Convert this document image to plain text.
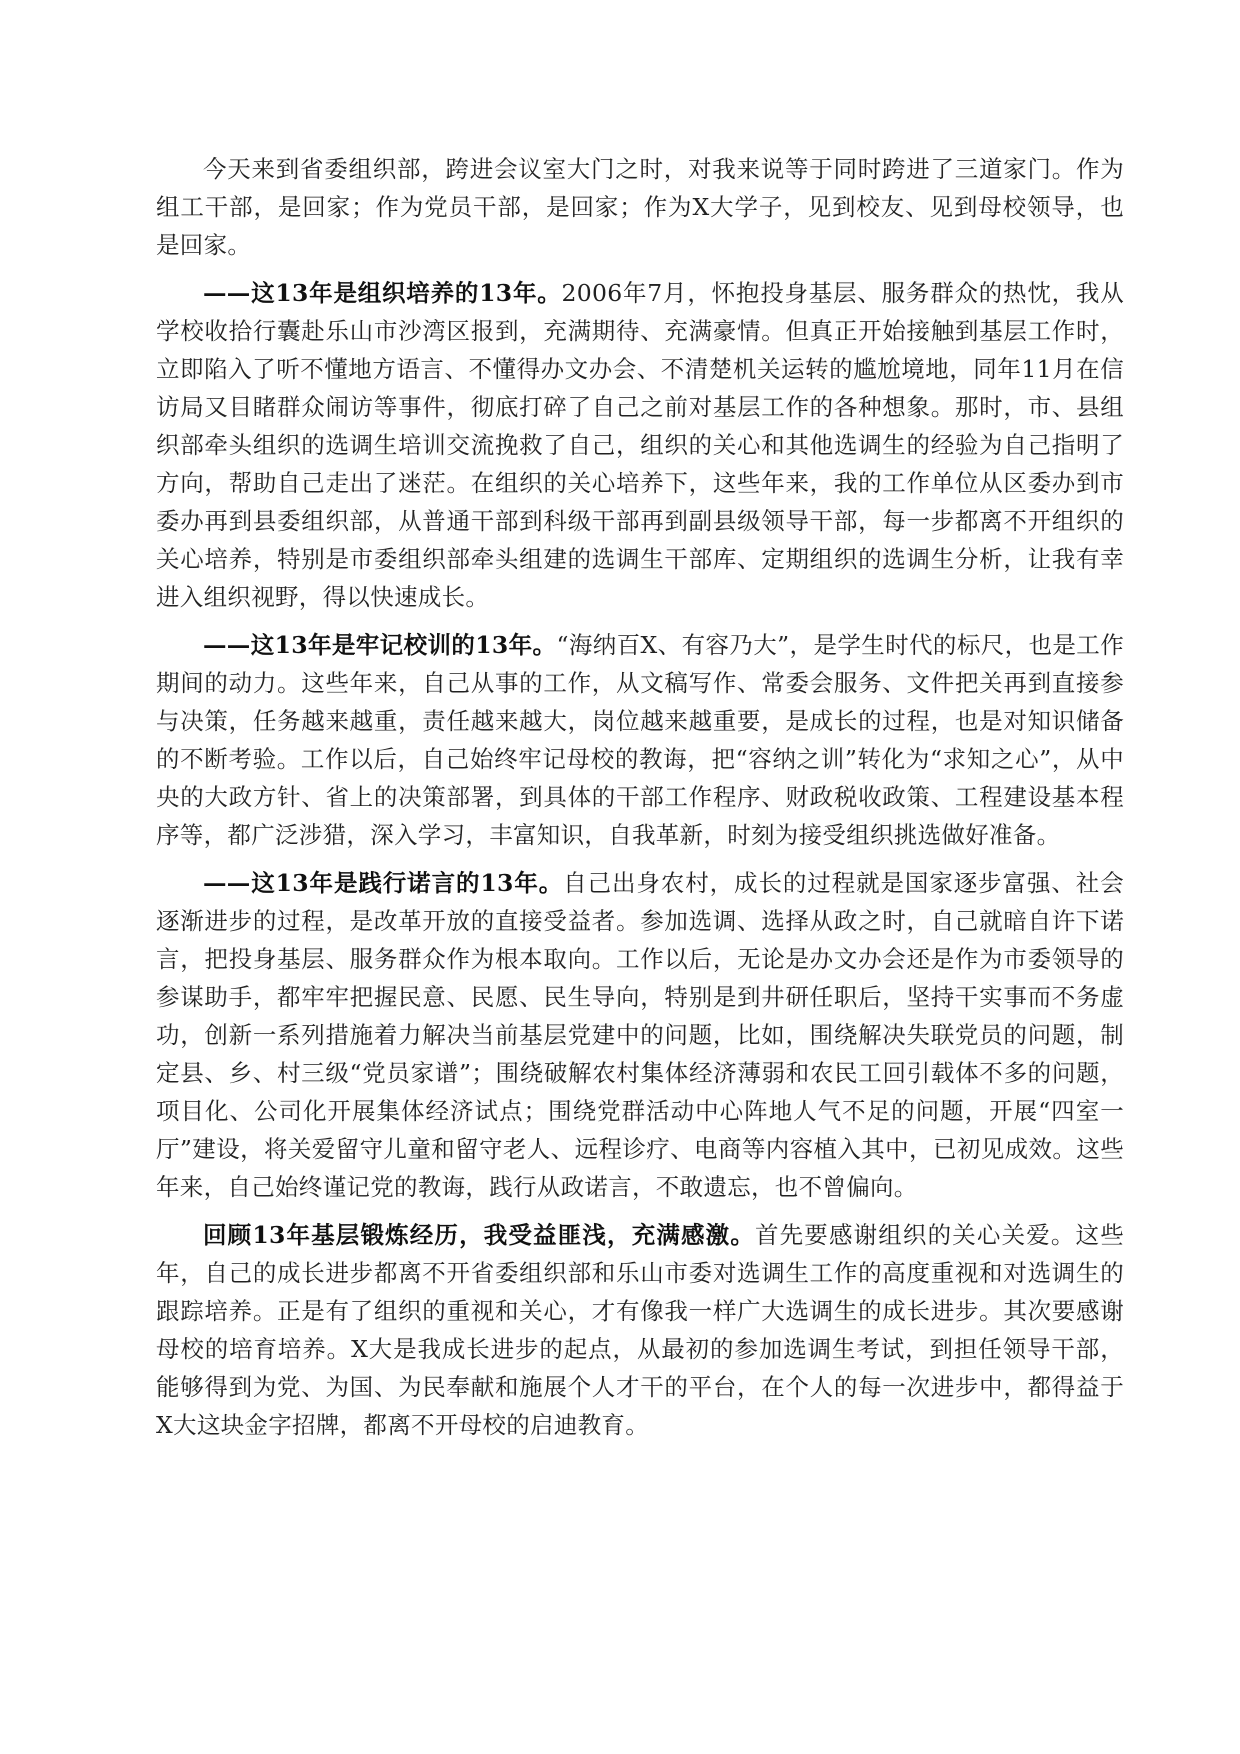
今天来到省委组织部，跨进会议室大门之时，对我来说等于同时跨进了三道家门。作为组工干部，是回家；作为党员干部，是回家；作为X大学子，见到校友、见到母校领导，也是回家。

——这13年是组织培养的13年。2006年7月，怀抱投身基层、服务群众的热忱，我从学校收拾行囊赴乐山市沙湾区报到，充满期待、充满豪情。但真正开始接触到基层工作时，立即陷入了听不懂地方语言、不懂得办文办会、不清楚机关运转的尴尬境地，同年11月在信访局又目睹群众闹访等事件，彻底打碎了自己之前对基层工作的各种想象。那时，市、县组织部牵头组织的选调生培训交流挽救了自己，组织的关心和其他选调生的经验为自己指明了方向，帮助自己走出了迷茫。在组织的关心培养下，这些年来，我的工作单位从区委办到市委办再到县委组织部，从普通干部到科级干部再到副县级领导干部，每一步都离不开组织的关心培养，特别是市委组织部牵头组建的选调生干部库、定期组织的选调生分析，让我有幸进入组织视野，得以快速成长。

——这13年是牢记校训的13年。“海纳百X、有容乃大”，是学生时代的标尺，也是工作期间的动力。这些年来，自己从事的工作，从文稿写作、常委会服务、文件把关再到直接参与决策，任务越来越重，责任越来越大，岗位越来越重要，是成长的过程，也是对知识储备的不断考验。工作以后，自己始终牢记母校的教诲，把“容纳之训”转化为“求知之心”，从中央的大政方针、省上的决策部署，到具体的干部工作程序、财政税收政策、工程建设基本程序等，都广泛涉猎，深入学习，丰富知识，自我革新，时刻为接受组织挑选做好准备。

——这13年是践行诺言的13年。自己出身农村，成长的过程就是国家逐步富强、社会逐渐进步的过程，是改革开放的直接受益者。参加选调、选择从政之时，自己就暗自许下诺言，把投身基层、服务群众作为根本取向。工作以后，无论是办文办会还是作为市委领导的参谋助手，都牢牢把握民意、民愿、民生导向，特别是到井研任职后，坚持干实事而不务虚功，创新一系列措施着力解决当前基层党建中的问题，比如，围绕解决失联党员的问题，制定县、乡、村三级“党员家谱”；围绕破解农村集体经济薄弱和农民工回引载体不多的问题，项目化、公司化开展集体经济试点；围绕党群活动中心阵地人气不足的问题，开展“四室一厅”建设，将关爱留守儿童和留守老人、远程诊疗、电商等内容植入其中，已初见成效。这些年来，自己始终谨记党的教诲，践行从政诺言，不敢遗忘，也不曾偏向。

回顾13年基层锻炼经历，我受益匪浅，充满感激。首先要感谢组织的关心关爱。这些年，自己的成长进步都离不开省委组织部和乐山市委对选调生工作的高度重视和对选调生的跟踪培养。正是有了组织的重视和关心，才有像我一样广大选调生的成长进步。其次要感谢母校的培育培养。X大是我成长进步的起点，从最初的参加选调生考试，到担任领导干部，能够得到为党、为国、为民奉献和施展个人才干的平台，在个人的每一次进步中，都得益于X大这块金字招牌，都离不开母校的启迪教育。
